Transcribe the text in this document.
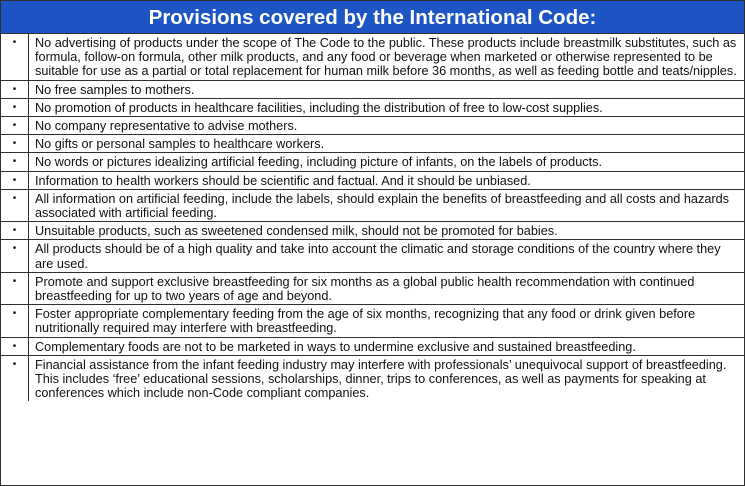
Provisions covered by the International Code:
•	No advertising of products under the scope of The Code to the public. These products include breastmilk substitutes, such as formula, follow-on formula, other milk products, and any food or beverage when marketed or otherwise represented to be suitable for use as a partial or total replacement for human milk before 36 months, as well as feeding bottle and teats/nipples.
•	No free samples to mothers.
•	No promotion of products in healthcare facilities, including the distribution of free to low-cost supplies.
•	No company representative to advise mothers.
•	No gifts or personal samples to healthcare workers.
•	No words or pictures idealizing artificial feeding, including picture of infants, on the labels of products.
•	Information to health workers should be scientific and factual. And it should be unbiased.
•	All information on artificial feeding, include the labels, should explain the benefits of breastfeeding and all costs and hazards associated with artificial feeding.
•	Unsuitable products, such as sweetened condensed milk, should not be promoted for babies.
•	All products should be of a high quality and take into account the climatic and storage conditions of the country where they are used.
•	Promote and support exclusive breastfeeding for six months as a global public health recommendation with continued breastfeeding for up to two years of age and beyond.
•	Foster appropriate complementary feeding from the age of six months, recognizing that any food or drink given before nutritionally required may interfere with breastfeeding.
•	Complementary foods are not to be marketed in ways to undermine exclusive and sustained breastfeeding.
•	Financial assistance from the infant feeding industry may interfere with professionals’ unequivocal support of breastfeeding. This includes ‘free’ educational sessions, scholarships, dinner, trips to conferences, as well as payments for speaking at conferences which include non-Code compliant companies.
